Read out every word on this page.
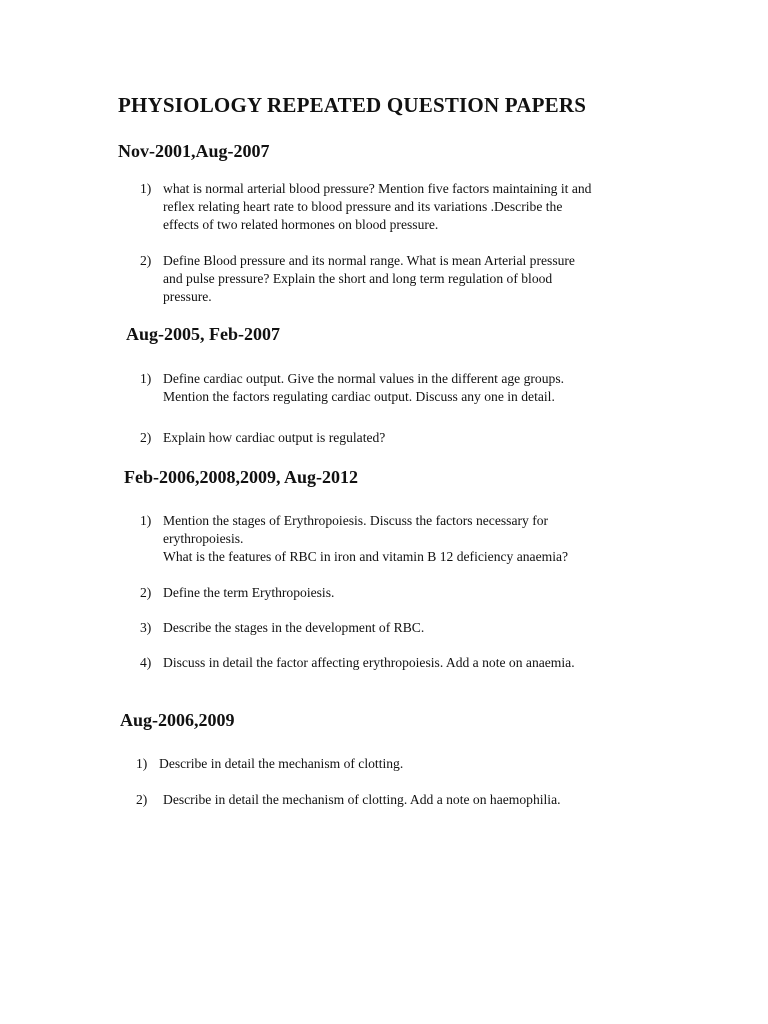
PHYSIOLOGY REPEATED QUESTION PAPERS
Nov-2001,Aug-2007
1) what is normal arterial blood pressure? Mention five factors maintaining it and
reflex relating heart rate to blood pressure and its variations .Describe the
effects of two related hormones on blood pressure.
2) Define Blood pressure and its normal range. What is mean Arterial pressure
and pulse pressure? Explain the short and long term regulation of blood
pressure.
Aug-2005, Feb-2007
1) Define cardiac output. Give the normal values in the different age groups.
Mention the factors regulating cardiac output. Discuss any one in detail.
2) Explain how cardiac output is regulated?
Feb-2006,2008,2009, Aug-2012
1) Mention the stages of Erythropoiesis. Discuss the factors necessary for
erythropoiesis.
What is the features of RBC in iron and vitamin B 12 deficiency anaemia?
2) Define the term Erythropoiesis.
3) Describe the stages in the development of RBC.
4) Discuss in detail the factor affecting erythropoiesis. Add a note on anaemia.
Aug-2006,2009
1) Describe in detail the mechanism of clotting.
2)	Describe in detail the mechanism of clotting. Add a note on haemophilia.
